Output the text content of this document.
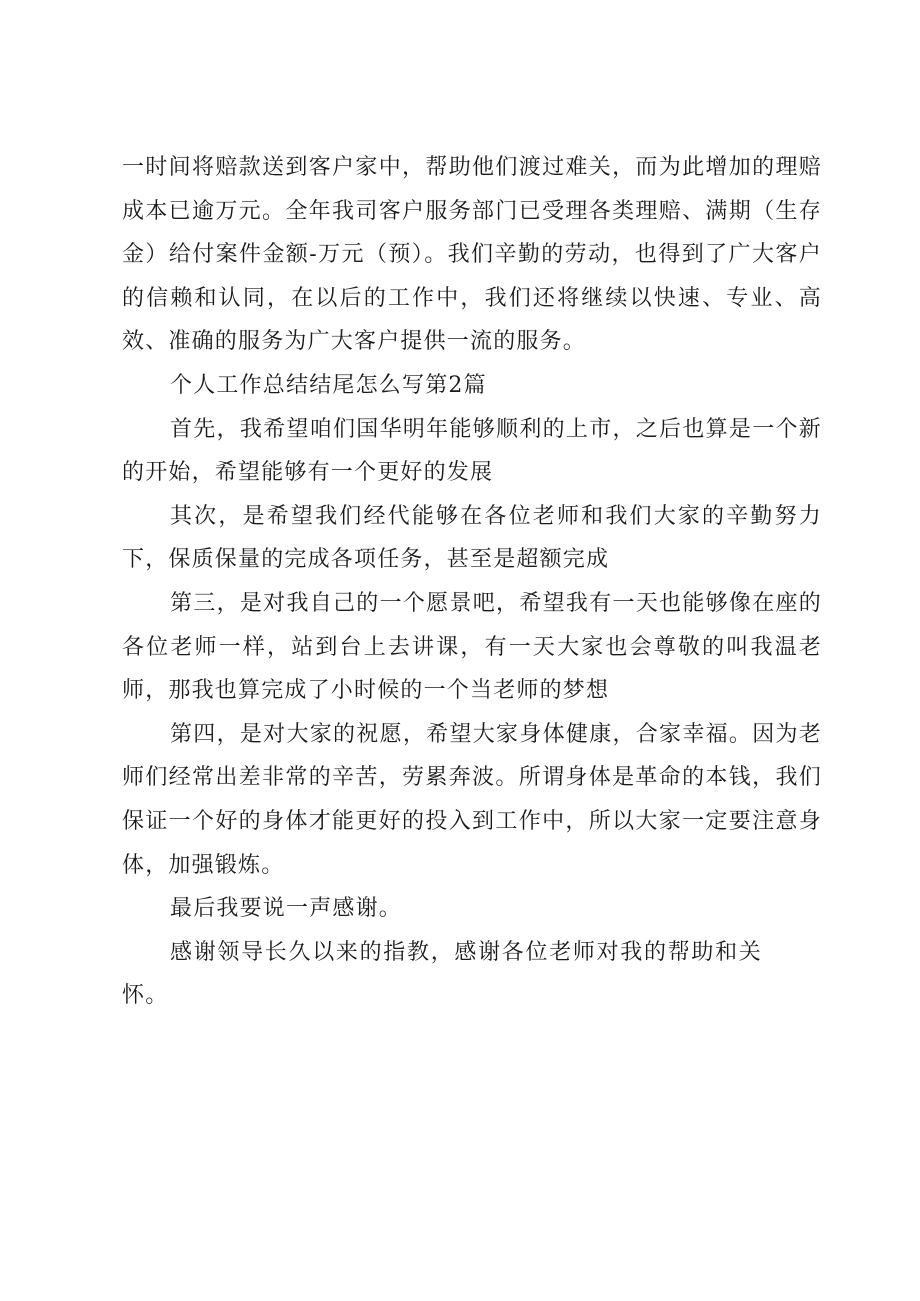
一时间将赔款送到客户家中，帮助他们渡过难关，而为此增加的理赔成本已逾万元。全年我司客户服务部门已受理各类理赔、满期（生存金）给付案件金额-万元（预）。我们辛勤的劳动，也得到了广大客户的信赖和认同，在以后的工作中，我们还将继续以快速、专业、高效、准确的服务为广大客户提供一流的服务。

个人工作总结结尾怎么写第2篇

首先，我希望咱们国华明年能够顺利的上市，之后也算是一个新的开始，希望能够有一个更好的发展

其次，是希望我们经代能够在各位老师和我们大家的辛勤努力下，保质保量的完成各项任务，甚至是超额完成

第三，是对我自己的一个愿景吧，希望我有一天也能够像在座的各位老师一样，站到台上去讲课，有一天大家也会尊敬的叫我温老师，那我也算完成了小时候的一个当老师的梦想

第四，是对大家的祝愿，希望大家身体健康，合家幸福。因为老师们经常出差非常的辛苦，劳累奔波。所谓身体是革命的本钱，我们保证一个好的身体才能更好的投入到工作中，所以大家一定要注意身体，加强锻炼。

最后我要说一声感谢。

感谢领导长久以来的指教，感谢各位老师对我的帮助和关怀。
